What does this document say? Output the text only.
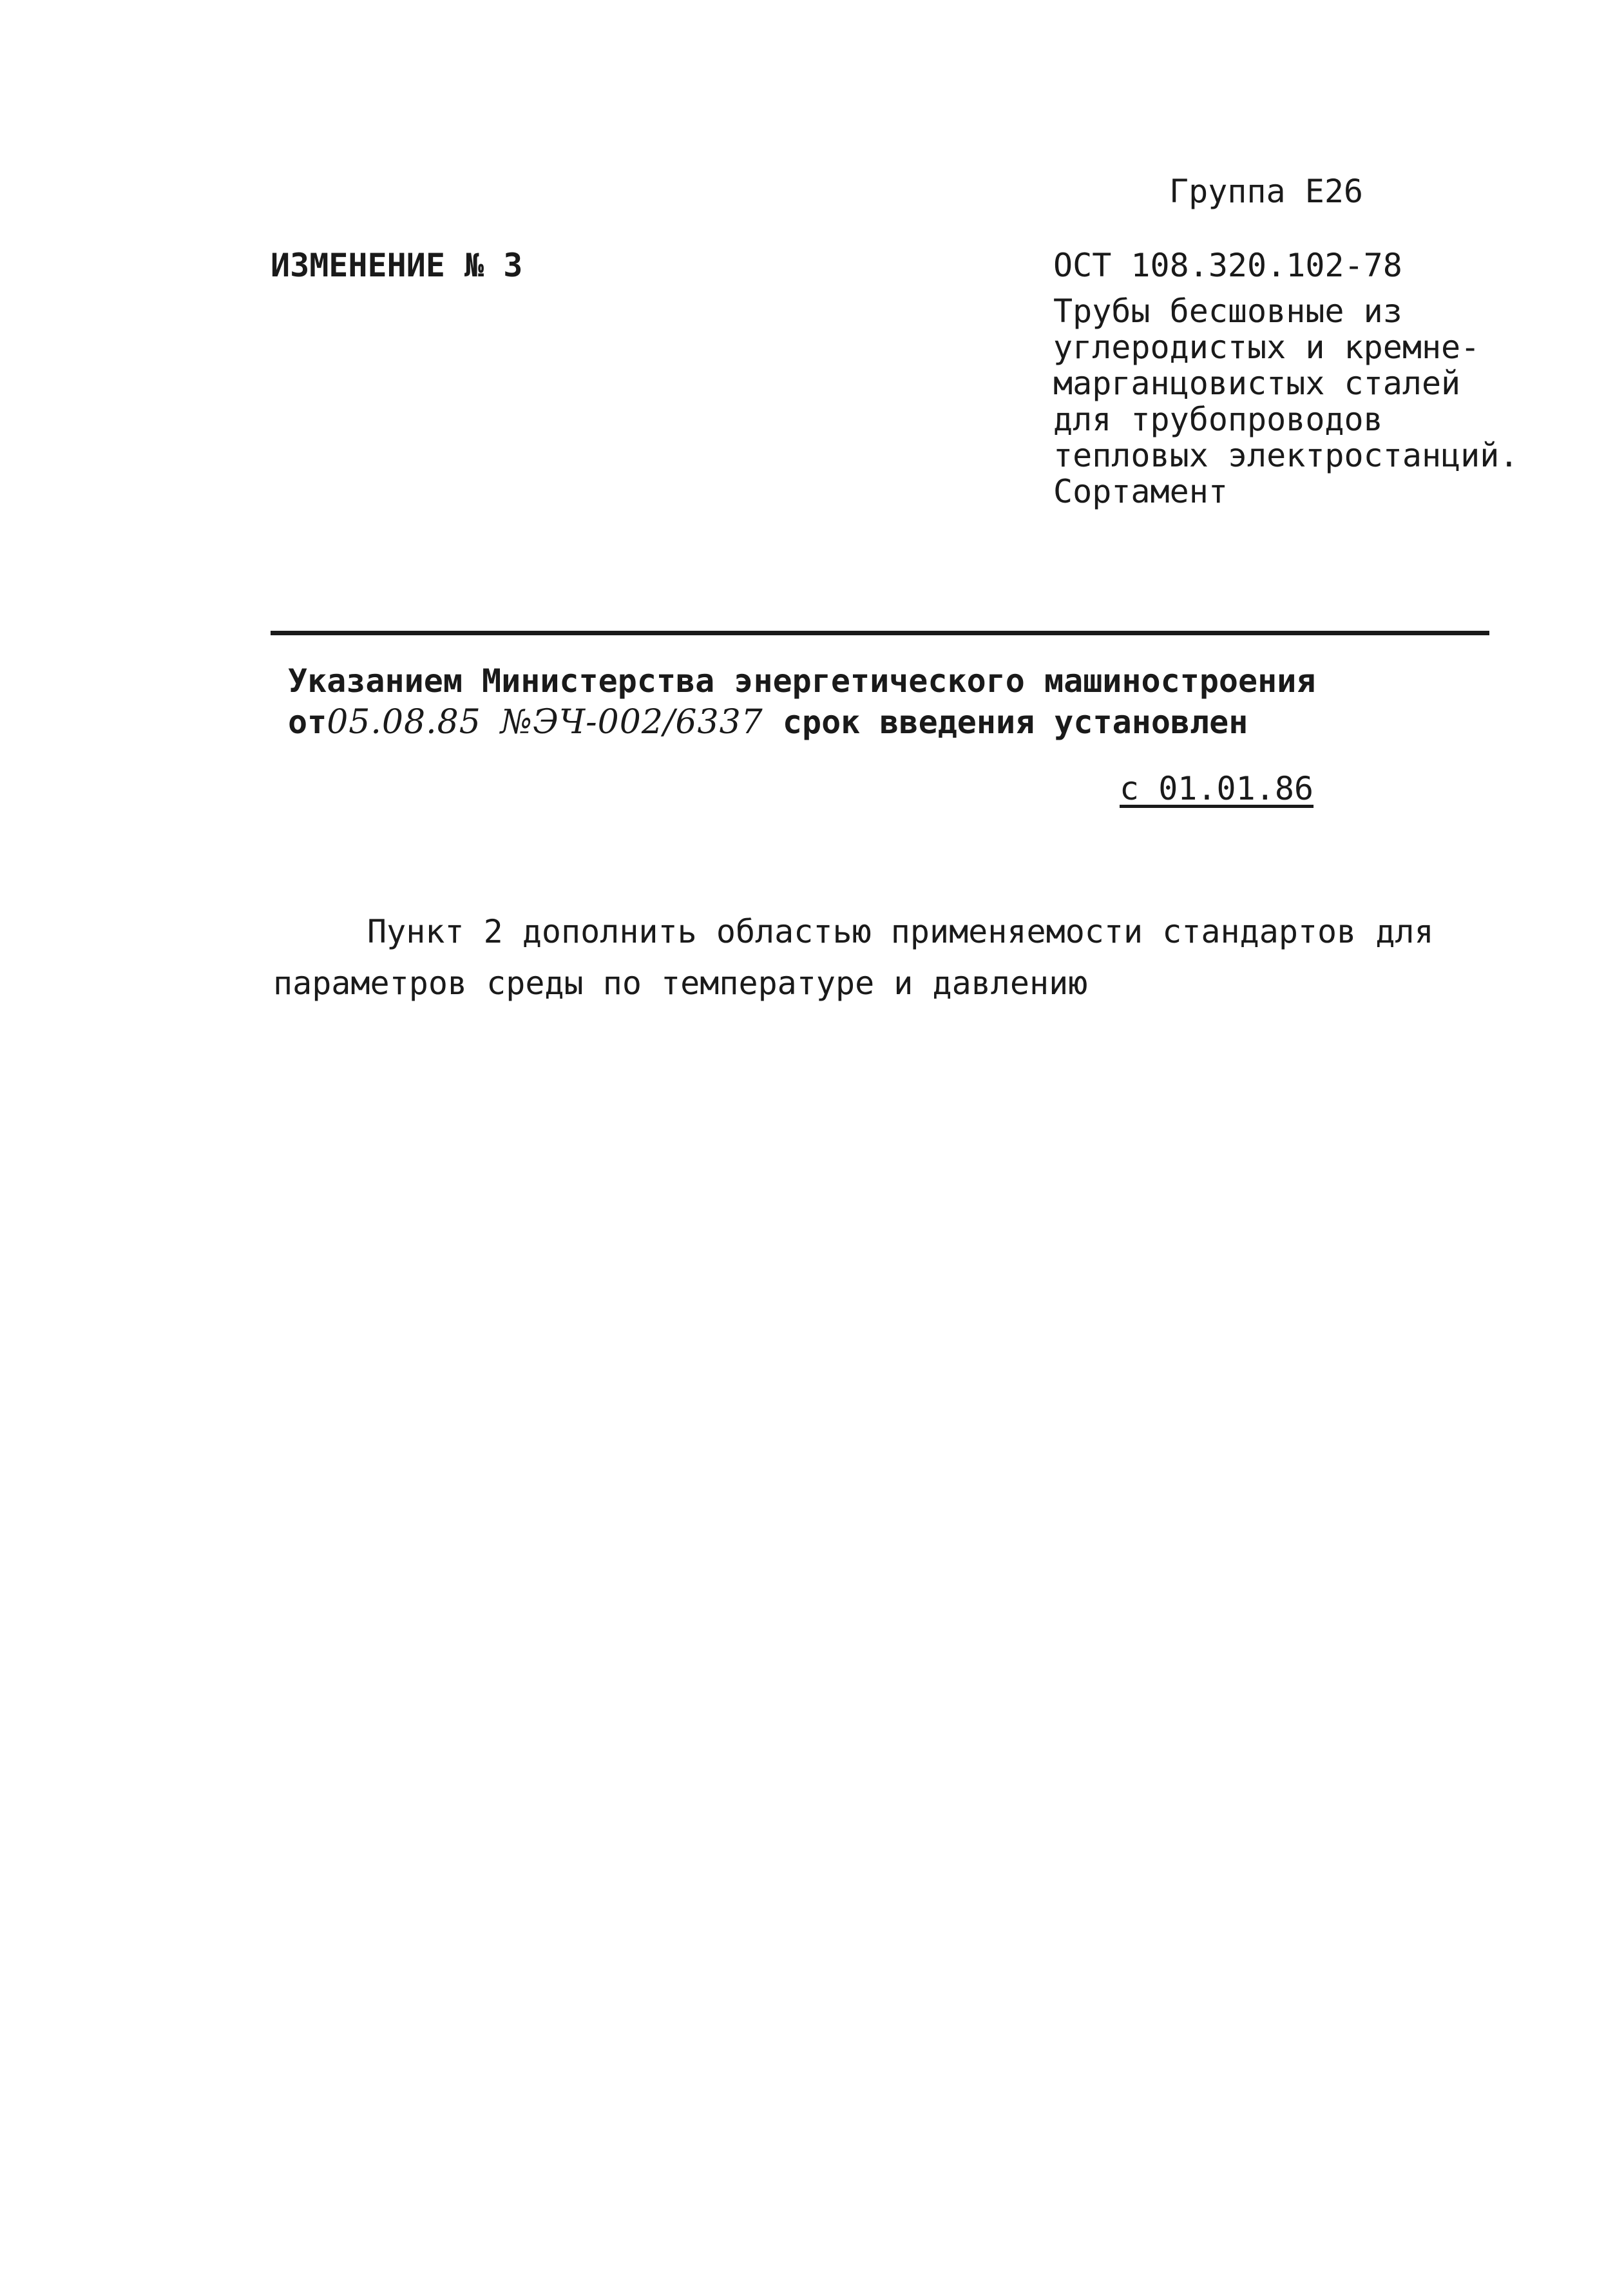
Группа Е26
ИЗМЕНЕНИЕ № 3	ОСТ 108.320.102-78
Трубы бесшовные из
углеродистых и кремне-
марганцовистых сталей
для трубопроводов
тепловых электростанций.
Сортамент
Указанием Министерства энергетического машиностроения
от05.08.85 №ЭЧ-002/6337 срок введения установлен
с 01.01.86
Пункт 2 дополнить областью применяемости стандартов для
параметров среды по температуре и давлению
